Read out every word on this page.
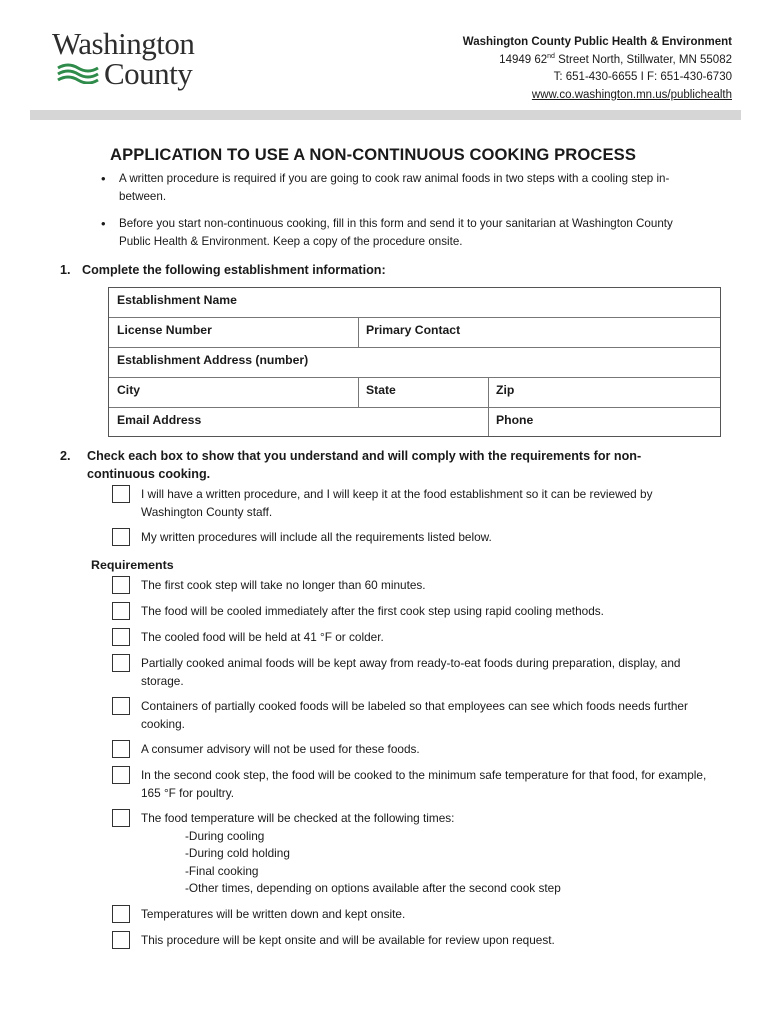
Washington
County
Washington County Public Health & Environment
14949 62nd Street North, Stillwater, MN 55082
T: 651-430-6655 I F: 651-430-6730
www.co.washington.mn.us/publichealth
APPLICATION TO USE A NON-CONTINUOUS COOKING PROCESS
• A written procedure is required if you are going to cook raw animal foods in two steps with a cooling step in-between.
• Before you start non-continuous cooking, fill in this form and send it to your sanitarian at Washington County Public Health & Environment. Keep a copy of the procedure onsite.
1. Complete the following establishment information:
Establishment Name
License Number	Primary Contact
Establishment Address (number)
City	State	Zip
Email Address	Phone
2. Check each box to show that you understand and will comply with the requirements for non-continuous cooking.
I will have a written procedure, and I will keep it at the food establishment so it can be reviewed by Washington County staff.
My written procedures will include all the requirements listed below.
Requirements
The first cook step will take no longer than 60 minutes.
The food will be cooled immediately after the first cook step using rapid cooling methods.
The cooled food will be held at 41 °F or colder.
Partially cooked animal foods will be kept away from ready-to-eat foods during preparation, display, and storage.
Containers of partially cooked foods will be labeled so that employees can see which foods needs further cooking.
A consumer advisory will not be used for these foods.
In the second cook step, the food will be cooked to the minimum safe temperature for that food, for example, 165 °F for poultry.
The food temperature will be checked at the following times:
-During cooling
-During cold holding
-Final cooking
-Other times, depending on options available after the second cook step
Temperatures will be written down and kept onsite.
This procedure will be kept onsite and will be available for review upon request.
